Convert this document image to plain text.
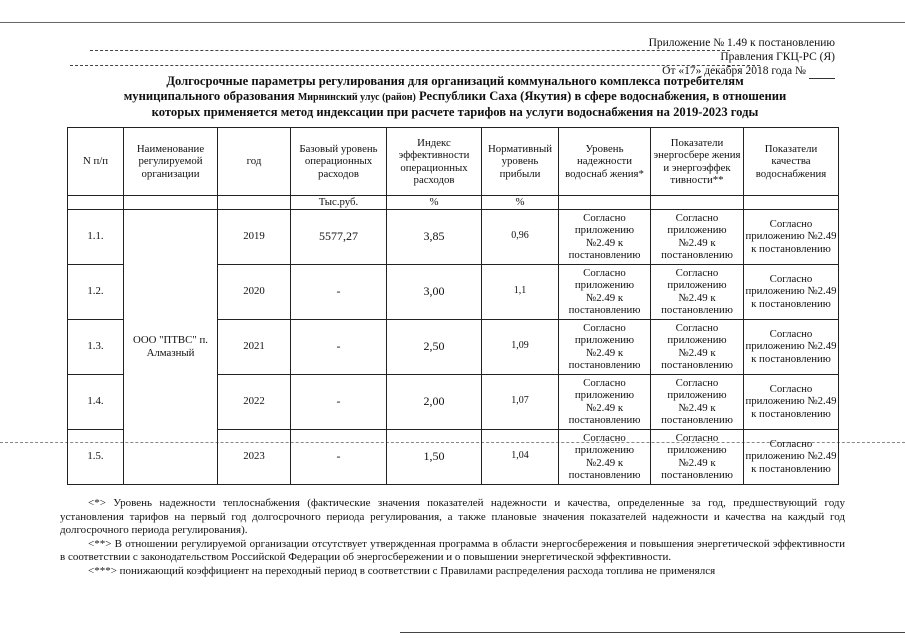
Приложение № 1.49 к постановлению
Правления ГКЦ-РС (Я)
От «17» декабря 2018 года №
Долгосрочные параметры регулирования для организаций коммунального комплекса потребителям
муниципального образования Мирнинский улус (район) Республики Саха (Якутия) в сфере водоснабжения, в отношении
которых применяется метод индексации при расчете тарифов на услуги водоснабжения на 2019-2023 годы
N п/п	Наименование регулируемой организации	год	Базовый уровень операционных расходов	Индекс эффективности операционных расходов	Нормативный уровень прибыли	Уровень надежности водоснаб жения*	Показатели энергосбере жения и энергоэффек тивности**	Показатели качества водоснабжения
			Тыс.руб.	%	%			
1.1.	ООО "ПТВС" п. Алмазный	2019	5577,27	3,85	0,96	Согласно приложению №2.49 к постановлению	Согласно приложению №2.49 к постановлению	Согласно приложению №2.49 к постановлению
1.2.		2020	-	3,00	1,1	Согласно приложению №2.49 к постановлению	Согласно приложению №2.49 к постановлению	Согласно приложению №2.49 к постановлению
1.3.		2021	-	2,50	1,09	Согласно приложению №2.49 к постановлению	Согласно приложению №2.49 к постановлению	Согласно приложению №2.49 к постановлению
1.4.		2022	-	2,00	1,07	Согласно приложению №2.49 к постановлению	Согласно приложению №2.49 к постановлению	Согласно приложению №2.49 к постановлению
1.5.		2023	-	1,50	1,04	Согласно приложению №2.49 к постановлению	Согласно приложению №2.49 к постановлению	Согласно приложению №2.49 к постановлению

<*> Уровень надежности теплоснабжения (фактические значения показателей надежности и качества, определенные за год, предшествующий году установления тарифов на первый год долгосрочного периода регулирования, а также плановые значения показателей надежности и качества на каждый год долгосрочного периода регулирования).

<**> В отношении регулируемой организации отсутствует утвержденная программа в области энергосбережения и повышения энергетической эффективности в соответствии с законодательством Российской Федерации об энергосбережении и о повышении энергетической эффективности.

<***> понижающий коэффициент на переходный период в соответствии с Правилами распределения расхода топлива не применялся
